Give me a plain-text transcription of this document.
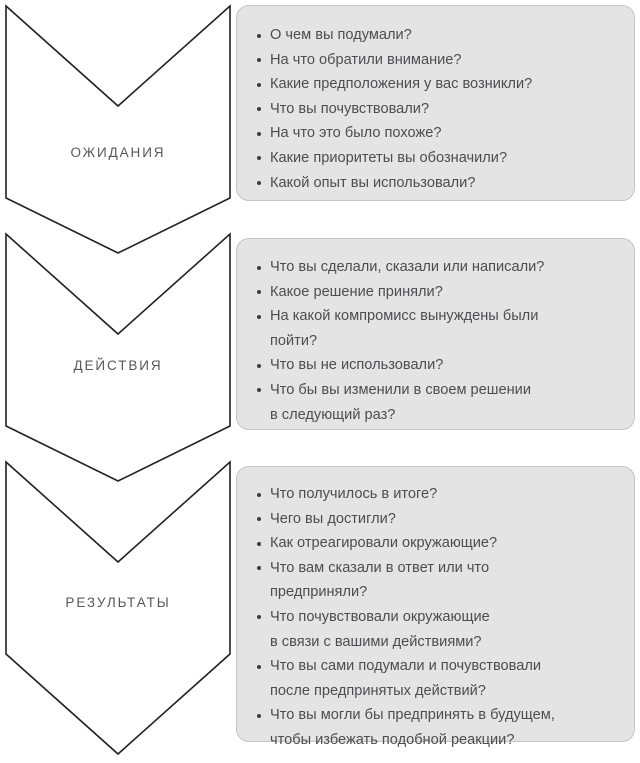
ОЖИДАНИЯ
ДЕЙСТВИЯ
РЕЗУЛЬТАТЫ
О чем вы подумали?
На что обратили внимание?
Какие предположения у вас возникли?
Что вы почувствовали?
На что это было похоже?
Какие приоритеты вы обозначили?
Какой опыт вы использовали?
Что вы сделали, сказали или написали?
Какое решение приняли?
На какой компромисс вынуждены были
пойти?
Что вы не использовали?
Что бы вы изменили в своем решении
в следующий раз?
Что получилось в итоге?
Чего вы достигли?
Как отреагировали окружающие?
Что вам сказали в ответ или что
предприняли?
Что почувствовали окружающие
в связи с вашими действиями?
Что вы сами подумали и почувствовали
после предпринятых действий?
Что вы могли бы предпринять в будущем,
чтобы избежать подобной реакции?
